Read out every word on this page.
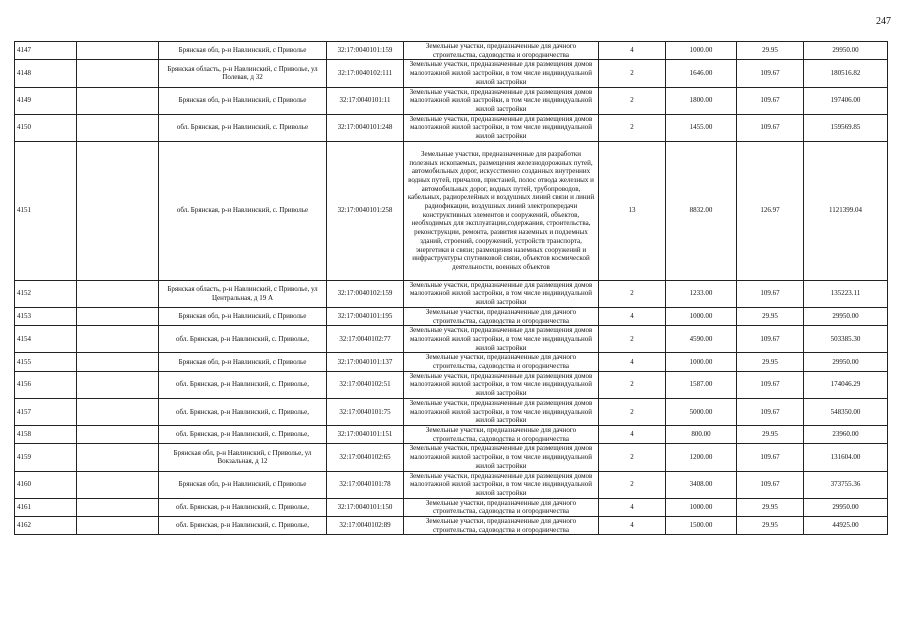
247
4147		Брянская обл, р-н Навлинский, с Приволье	32:17:0040101:159	Земельные участки, предназначенные для дачного строительства, садоводства и огородничества	4	1000.00	29.95	29950.00
4148		Брянская область, р-н Навлинский, с Приволье, ул Полевая, д 32	32:17:0040102:111	Земельные участки, предназначенные для размещения домов малоэтажной жилой застройки, в том числе индивидуальной жилой застройки	2	1646.00	109.67	180516.82
4149		Брянская обл, р-н Навлинский, с Приволье	32:17:0040101:11	Земельные участки, предназначенные для размещения домов малоэтажной жилой застройки, в том числе индивидуальной жилой застройки	2	1800.00	109.67	197406.00
4150		обл. Брянская, р-н Навлинский, с. Приволье	32:17:0040101:248	Земельные участки, предназначенные для размещения домов малоэтажной жилой застройки, в том числе индивидуальной жилой застройки	2	1455.00	109.67	159569.85
4151		обл. Брянская, р-н Навлинский, с. Приволье	32:17:0040101:258	Земельные участки, предназначенные для разработки полезных ископаемых, размещения железнодорожных путей, автомобильных дорог, искусственно созданных внутренних водных путей, причалов, пристаней, полос отвода железных и автомобильных дорог, водных путей, трубопроводов, кабельных, радиорелейных и воздушных линий связи и линий радиофикации, воздушных линий электропередачи конструктивных элементов и сооружений, объектов, необходимых для эксплуатации,содержания, строительства, реконструкции, ремонта, развития наземных и подземных зданий, строений, сооружений, устройств транспорта, энергетики и связи; размещения наземных сооружений и инфраструктуры спутниковой связи, объектов космической деятельности, военных объектов	13	8832.00	126.97	1121399.04
4152		Брянская область, р-н Навлинский, с Приволье, ул Центральная, д 19 А	32:17:0040102:159	Земельные участки, предназначенные для размещения домов малоэтажной жилой застройки, в том числе индивидуальной жилой застройки	2	1233.00	109.67	135223.11
4153		Брянская обл, р-н Навлинский, с Приволье	32:17:0040101:195	Земельные участки, предназначенные для дачного строительства, садоводства и огородничества	4	1000.00	29.95	29950.00
4154		обл. Брянская, р-н Навлинский, с. Приволье,	32:17:0040102:77	Земельные участки, предназначенные для размещения домов малоэтажной жилой застройки, в том числе индивидуальной жилой застройки	2	4590.00	109.67	503385.30
4155		Брянская обл, р-н Навлинский, с Приволье	32:17:0040101:137	Земельные участки, предназначенные для дачного строительства, садоводства и огородничества	4	1000.00	29.95	29950.00
4156		обл. Брянская, р-н Навлинский, с. Приволье,	32:17:0040102:51	Земельные участки, предназначенные для размещения домов малоэтажной жилой застройки, в том числе индивидуальной жилой застройки	2	1587.00	109.67	174046.29
4157		обл. Брянская, р-н Навлинский, с. Приволье,	32:17:0040101:75	Земельные участки, предназначенные для размещения домов малоэтажной жилой застройки, в том числе индивидуальной жилой застройки	2	5000.00	109.67	548350.00
4158		обл. Брянская, р-н Навлинский, с. Приволье,	32:17:0040101:151	Земельные участки, предназначенные для дачного строительства, садоводства и огородничества	4	800.00	29.95	23960.00
4159		Брянская обл, р-н Навлинский, с Приволье, ул Вокзальная, д 12	32:17:0040102:65	Земельные участки, предназначенные для размещения домов малоэтажной жилой застройки, в том числе индивидуальной жилой застройки	2	1200.00	109.67	131604.00
4160		Брянская обл, р-н Навлинский, с Приволье	32:17:0040101:78	Земельные участки, предназначенные для размещения домов малоэтажной жилой застройки, в том числе индивидуальной жилой застройки	2	3408.00	109.67	373755.36
4161		обл. Брянская, р-н Навлинский, с. Приволье,	32:17:0040101:150	Земельные участки, предназначенные для дачного строительства, садоводства и огородничества	4	1000.00	29.95	29950.00
4162		обл. Брянская, р-н Навлинский, с. Приволье,	32:17:0040102:89	Земельные участки, предназначенные для дачного строительства, садоводства и огородничества	4	1500.00	29.95	44925.00
